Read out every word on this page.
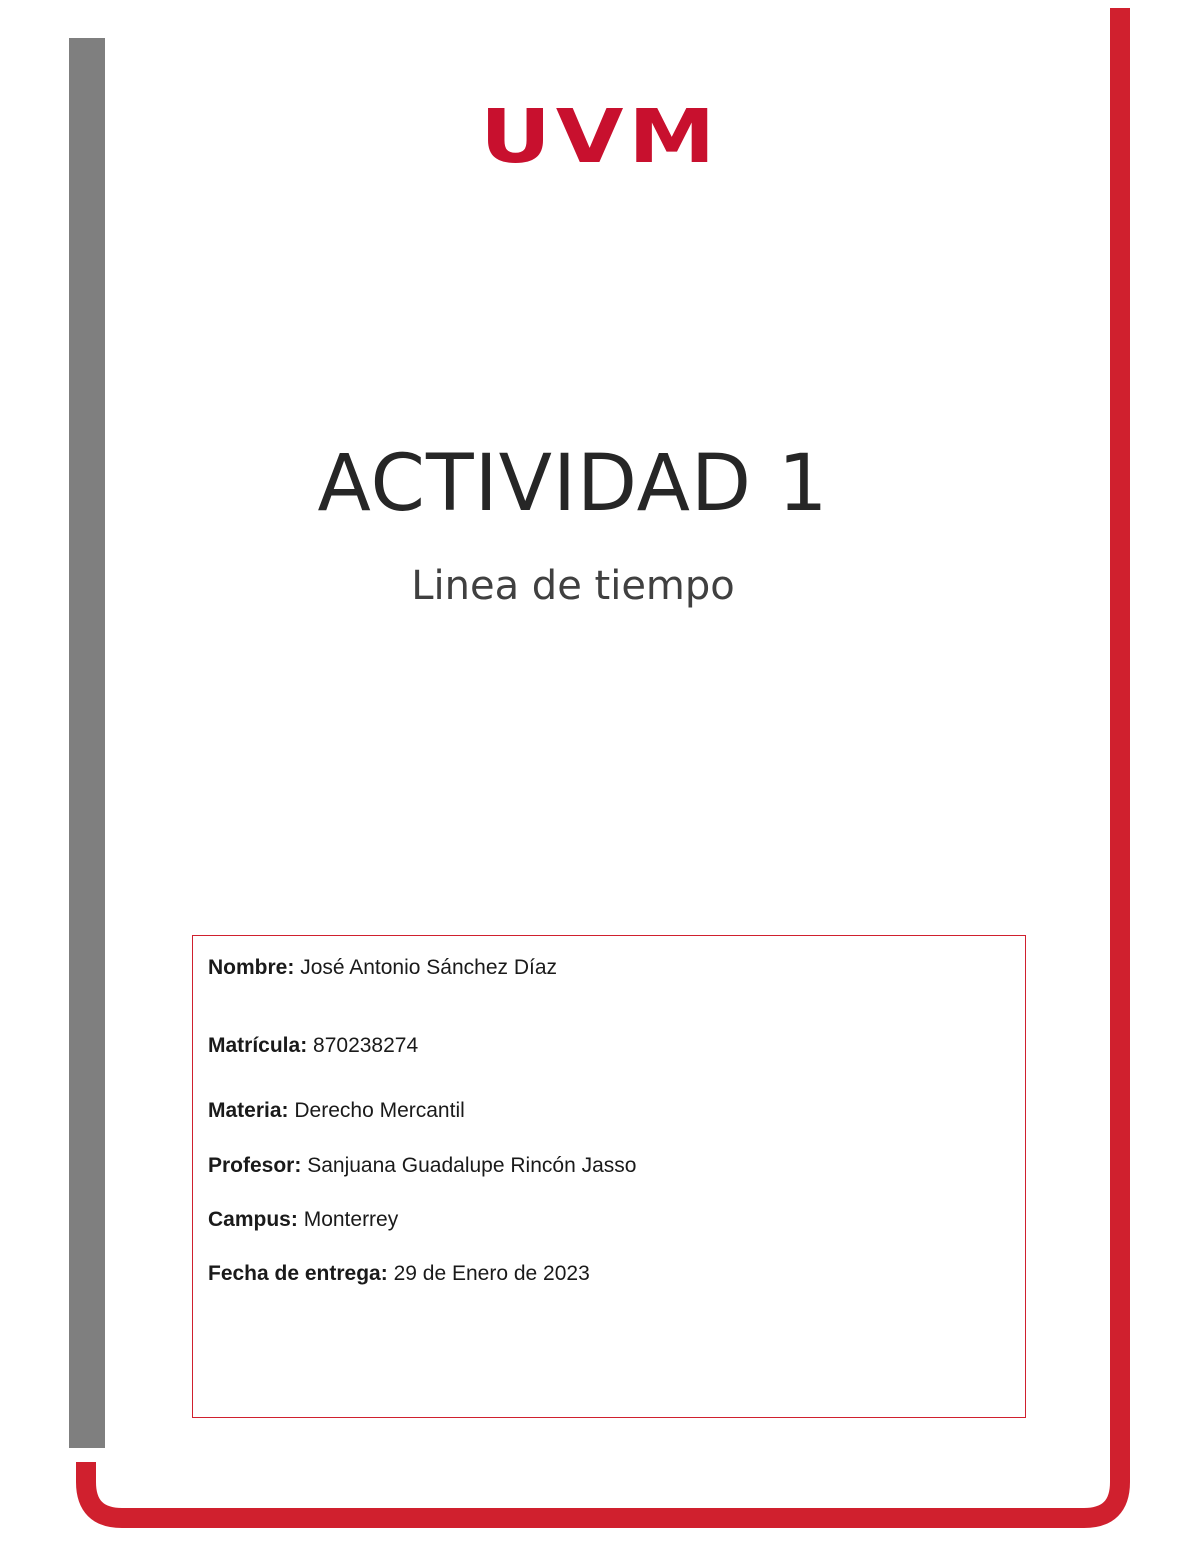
UVM
ACTIVIDAD 1
Linea de tiempo
Nombre: José Antonio Sánchez Díaz
Matrícula: 870238274
Materia: Derecho Mercantil
Profesor: Sanjuana Guadalupe Rincón Jasso
Campus: Monterrey
Fecha de entrega: 29 de Enero de 2023
